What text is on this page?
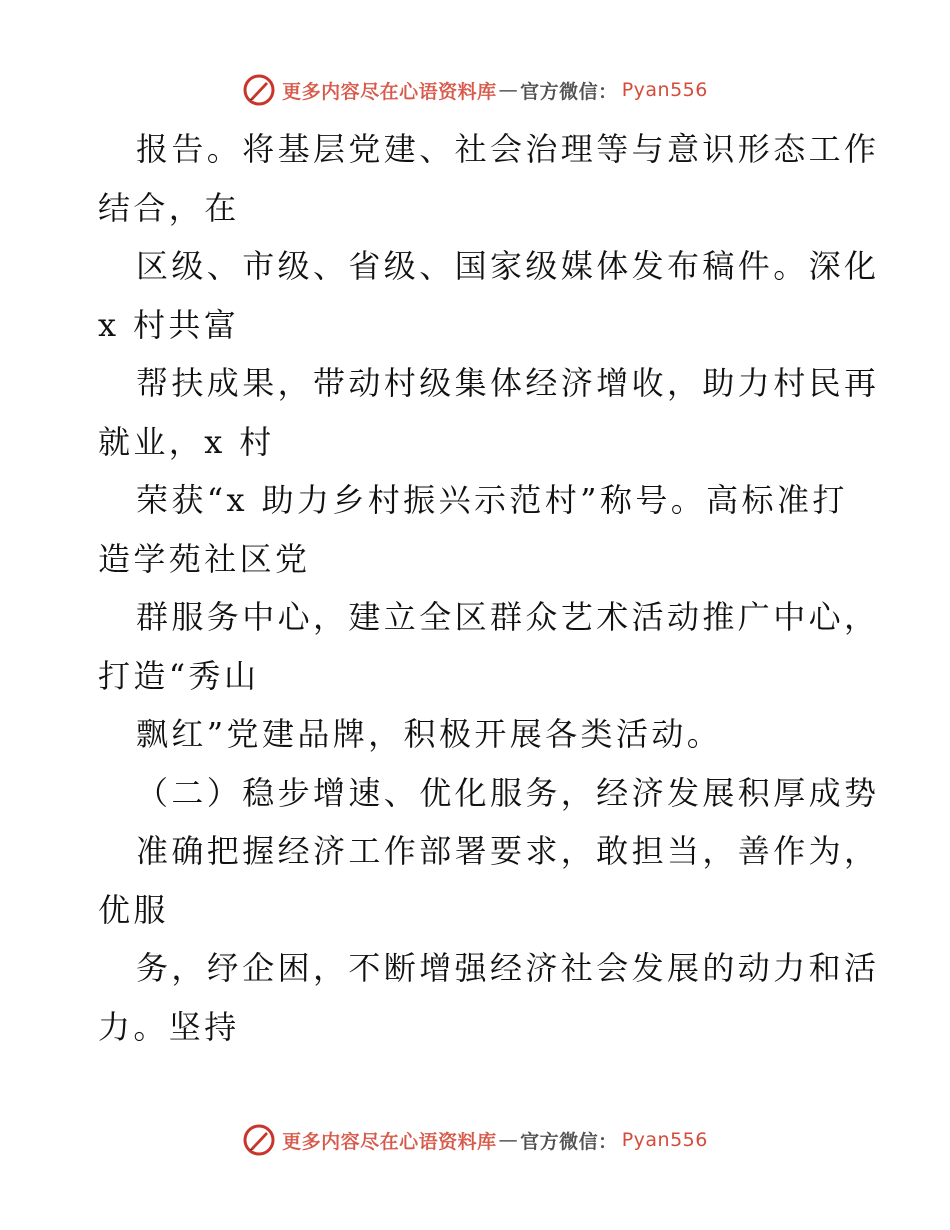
更多内容尽在心语资料库 — 官方微信： Pyan556
报告。将基层党建、社会治理等与意识形态工作
结合，在
区级、市级、省级、国家级媒体发布稿件。深化
x 村共富
帮扶成果，带动村级集体经济增收，助力村民再
就业，x 村
荣获“x 助力乡村振兴示范村”称号。高标准打
造学苑社区党
群服务中心，建立全区群众艺术活动推广中心，
打造“秀山
飘红”党建品牌，积极开展各类活动。
（二）稳步增速、优化服务，经济发展积厚成势
准确把握经济工作部署要求，敢担当，善作为，
优服
务，纾企困，不断增强经济社会发展的动力和活
力。坚持
更多内容尽在心语资料库 — 官方微信： Pyan556
